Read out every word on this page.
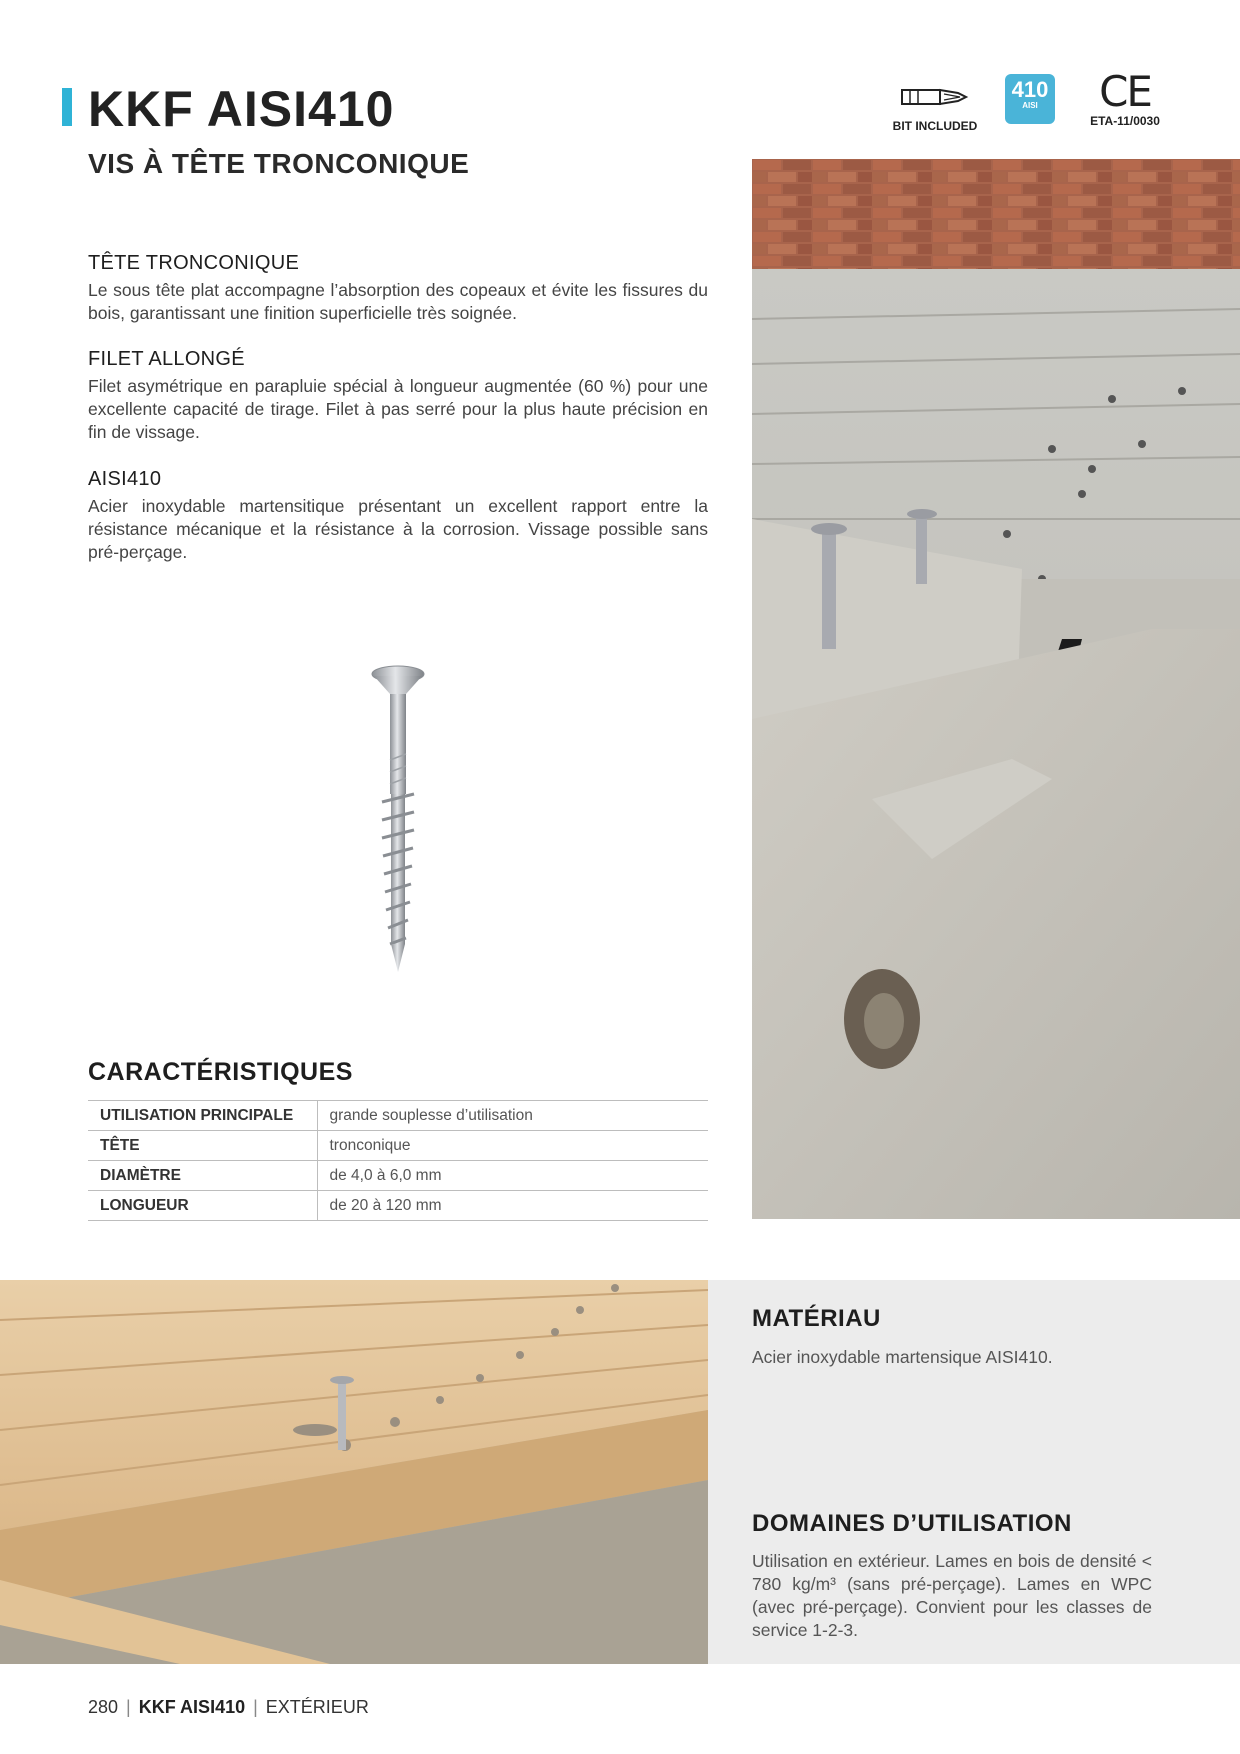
KKF AISI410
VIS À TÊTE TRONCONIQUE
BIT INCLUDED
410
AISI	CE
ETA-11/0030
TÊTE TRONCONIQUE

Le sous tête plat accompagne l’absorption des copeaux et évite les fissures du bois, garantissant une finition superficielle très soignée.

FILET ALLONGÉ

Filet asymétrique en parapluie spécial à longueur augmentée (60 %) pour une excellente capacité de tirage. Filet à pas serré pour la plus haute précision en fin de vissage.

AISI410

Acier inoxydable martensitique présentant un excellent rapport entre la résistance mécanique et la résistance à la corrosion. Vissage possible sans pré-perçage.

CARACTÉRISTIQUES
UTILISATION PRINCIPALE	grande souplesse d’utilisation
TÊTE	tronconique
DIAMÈTRE	de 4,0 à 6,0 mm
LONGUEUR	de 20 à 120 mm
MATÉRIAU

Acier inoxydable martensique AISI410.

DOMAINES D’UTILISATION

Utilisation en extérieur. Lames en bois de densité < 780 kg/m³ (sans pré-perçage). Lames en WPC (avec pré-perçage). Convient pour les classes de service 1-2-3.

280 | KKF AISI410 | EXTÉRIEUR
